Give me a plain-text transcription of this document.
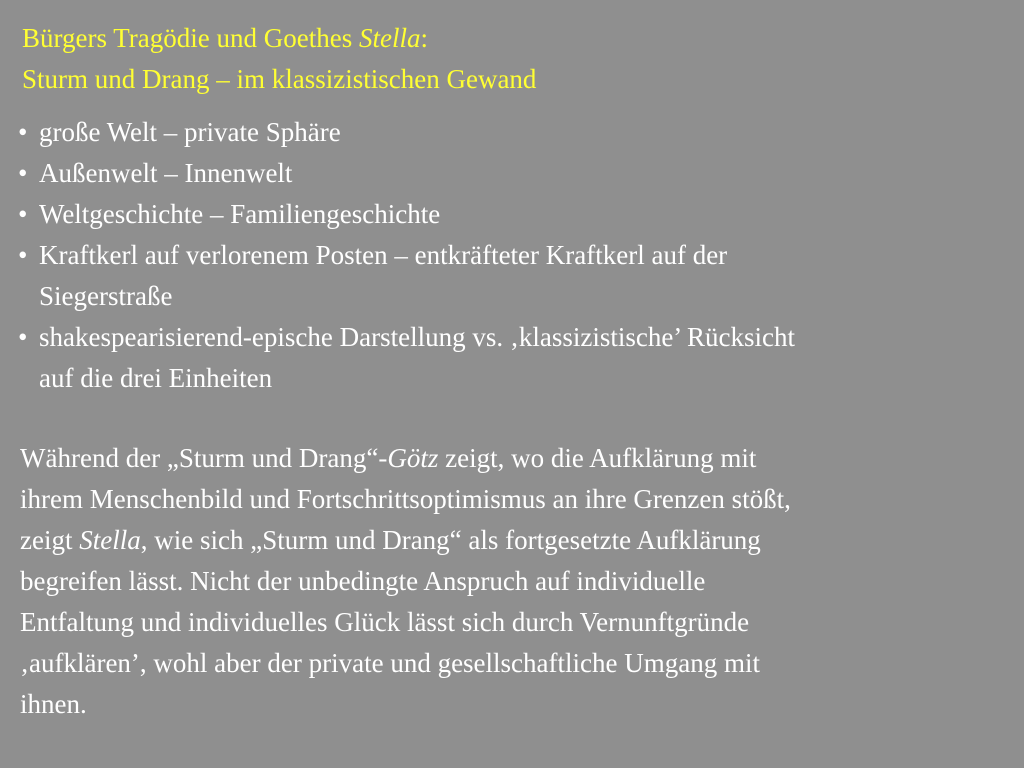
Bürgers Tragödie und Goethes Stella:
Sturm und Drang – im klassizistischen Gewand
• große Welt – private Sphäre
• Außenwelt – Innenwelt
• Weltgeschichte – Familiengeschichte
• Kraftkerl auf verlorenem Posten – entkräfteter Kraftkerl auf der
Siegerstraße
• shakespearisierend-epische Darstellung vs. ‚klassizistische’ Rücksicht
auf die drei Einheiten
Während der „Sturm und Drang“-Götz zeigt, wo die Aufklärung mit
ihrem Menschenbild und Fortschrittsoptimismus an ihre Grenzen stößt,
zeigt Stella, wie sich „Sturm und Drang“ als fortgesetzte Aufklärung
begreifen lässt. Nicht der unbedingte Anspruch auf individuelle
Entfaltung und individuelles Glück lässt sich durch Vernunftgründe
‚aufklären’, wohl aber der private und gesellschaftliche Umgang mit
ihnen.
